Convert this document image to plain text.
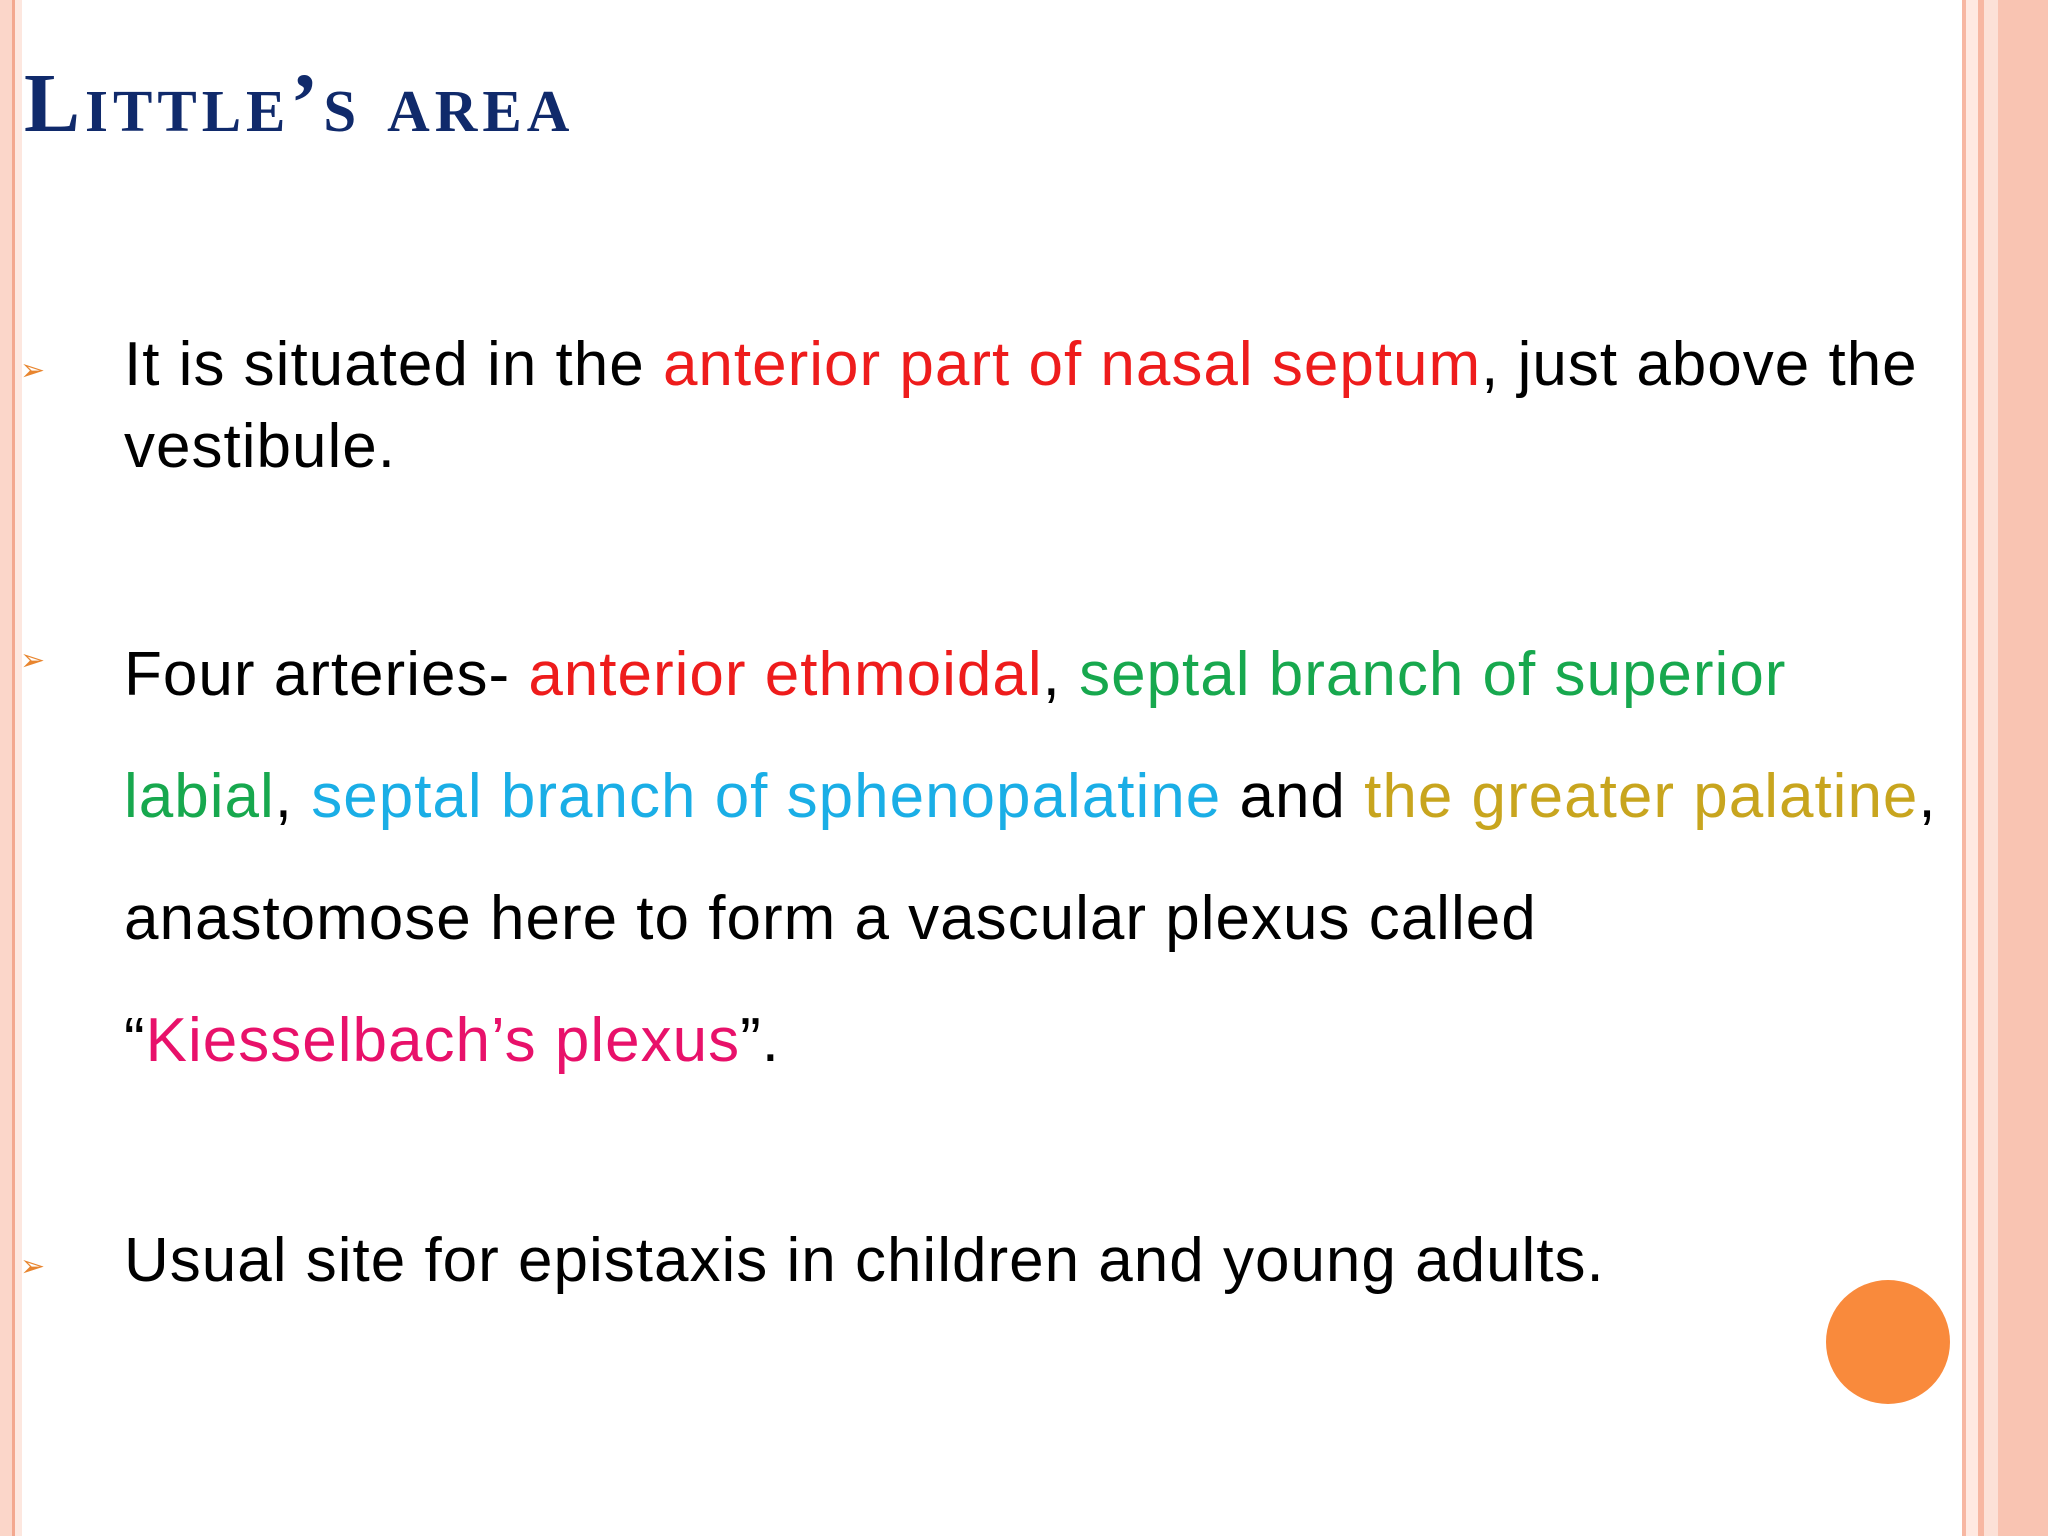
Little’s area
➢ It is situated in the anterior part of nasal septum, just above the vestibule.

➢ Four arteries- anterior ethmoidal, septal branch of superior labial, septal branch of sphenopalatine and the greater palatine, anastomose here to form a vascular plexus called “Kiesselbach’s plexus”.

➢ Usual site for epistaxis in children and young adults.
